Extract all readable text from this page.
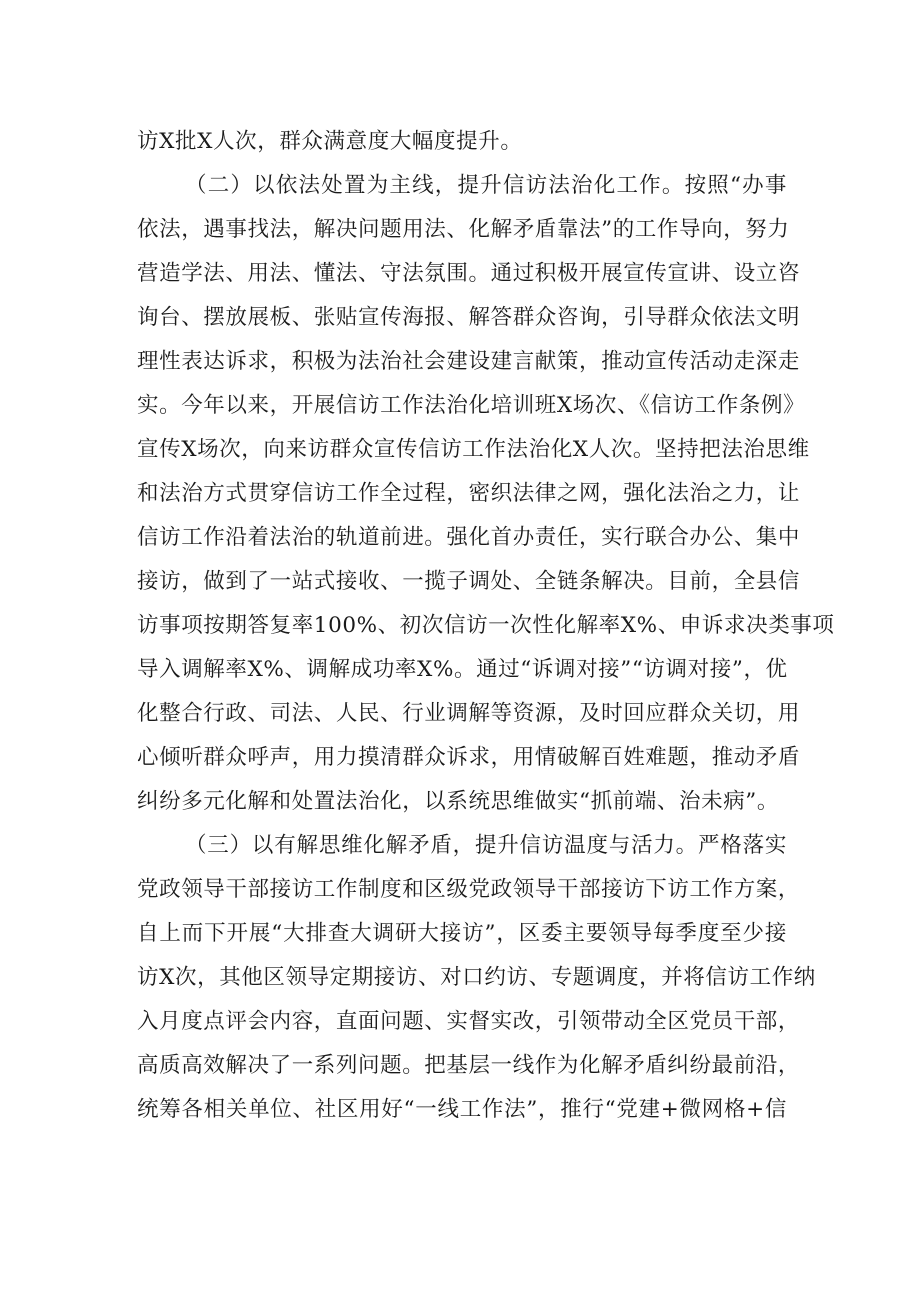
访X批X人次，群众满意度大幅度提升。
（二）以依法处置为主线，提升信访法治化工作。按照“办事
依法，遇事找法，解决问题用法、化解矛盾靠法”的工作导向，努力
营造学法、用法、懂法、守法氛围。通过积极开展宣传宣讲、设立咨
询台、摆放展板、张贴宣传海报、解答群众咨询，引导群众依法文明
理性表达诉求，积极为法治社会建设建言献策，推动宣传活动走深走
实。今年以来，开展信访工作法治化培训班X场次、《信访工作条例》
宣传X场次，向来访群众宣传信访工作法治化X人次。坚持把法治思维
和法治方式贯穿信访工作全过程，密织法律之网，强化法治之力，让
信访工作沿着法治的轨道前进。强化首办责任，实行联合办公、集中
接访，做到了一站式接收、一揽子调处、全链条解决。目前，全县信
访事项按期答复率100%、初次信访一次性化解率X%、申诉求决类事项
导入调解率X%、调解成功率X%。通过“诉调对接”“访调对接”，优
化整合行政、司法、人民、行业调解等资源，及时回应群众关切，用
心倾听群众呼声，用力摸清群众诉求，用情破解百姓难题，推动矛盾
纠纷多元化解和处置法治化，以系统思维做实“抓前端、治未病”。
（三）以有解思维化解矛盾，提升信访温度与活力。严格落实
党政领导干部接访工作制度和区级党政领导干部接访下访工作方案，
自上而下开展“大排查大调研大接访”，区委主要领导每季度至少接
访X次，其他区领导定期接访、对口约访、专题调度，并将信访工作纳
入月度点评会内容，直面问题、实督实改，引领带动全区党员干部，
高质高效解决了一系列问题。把基层一线作为化解矛盾纠纷最前沿，
统筹各相关单位、社区用好“一线工作法”，推行“党建+微网格+信
